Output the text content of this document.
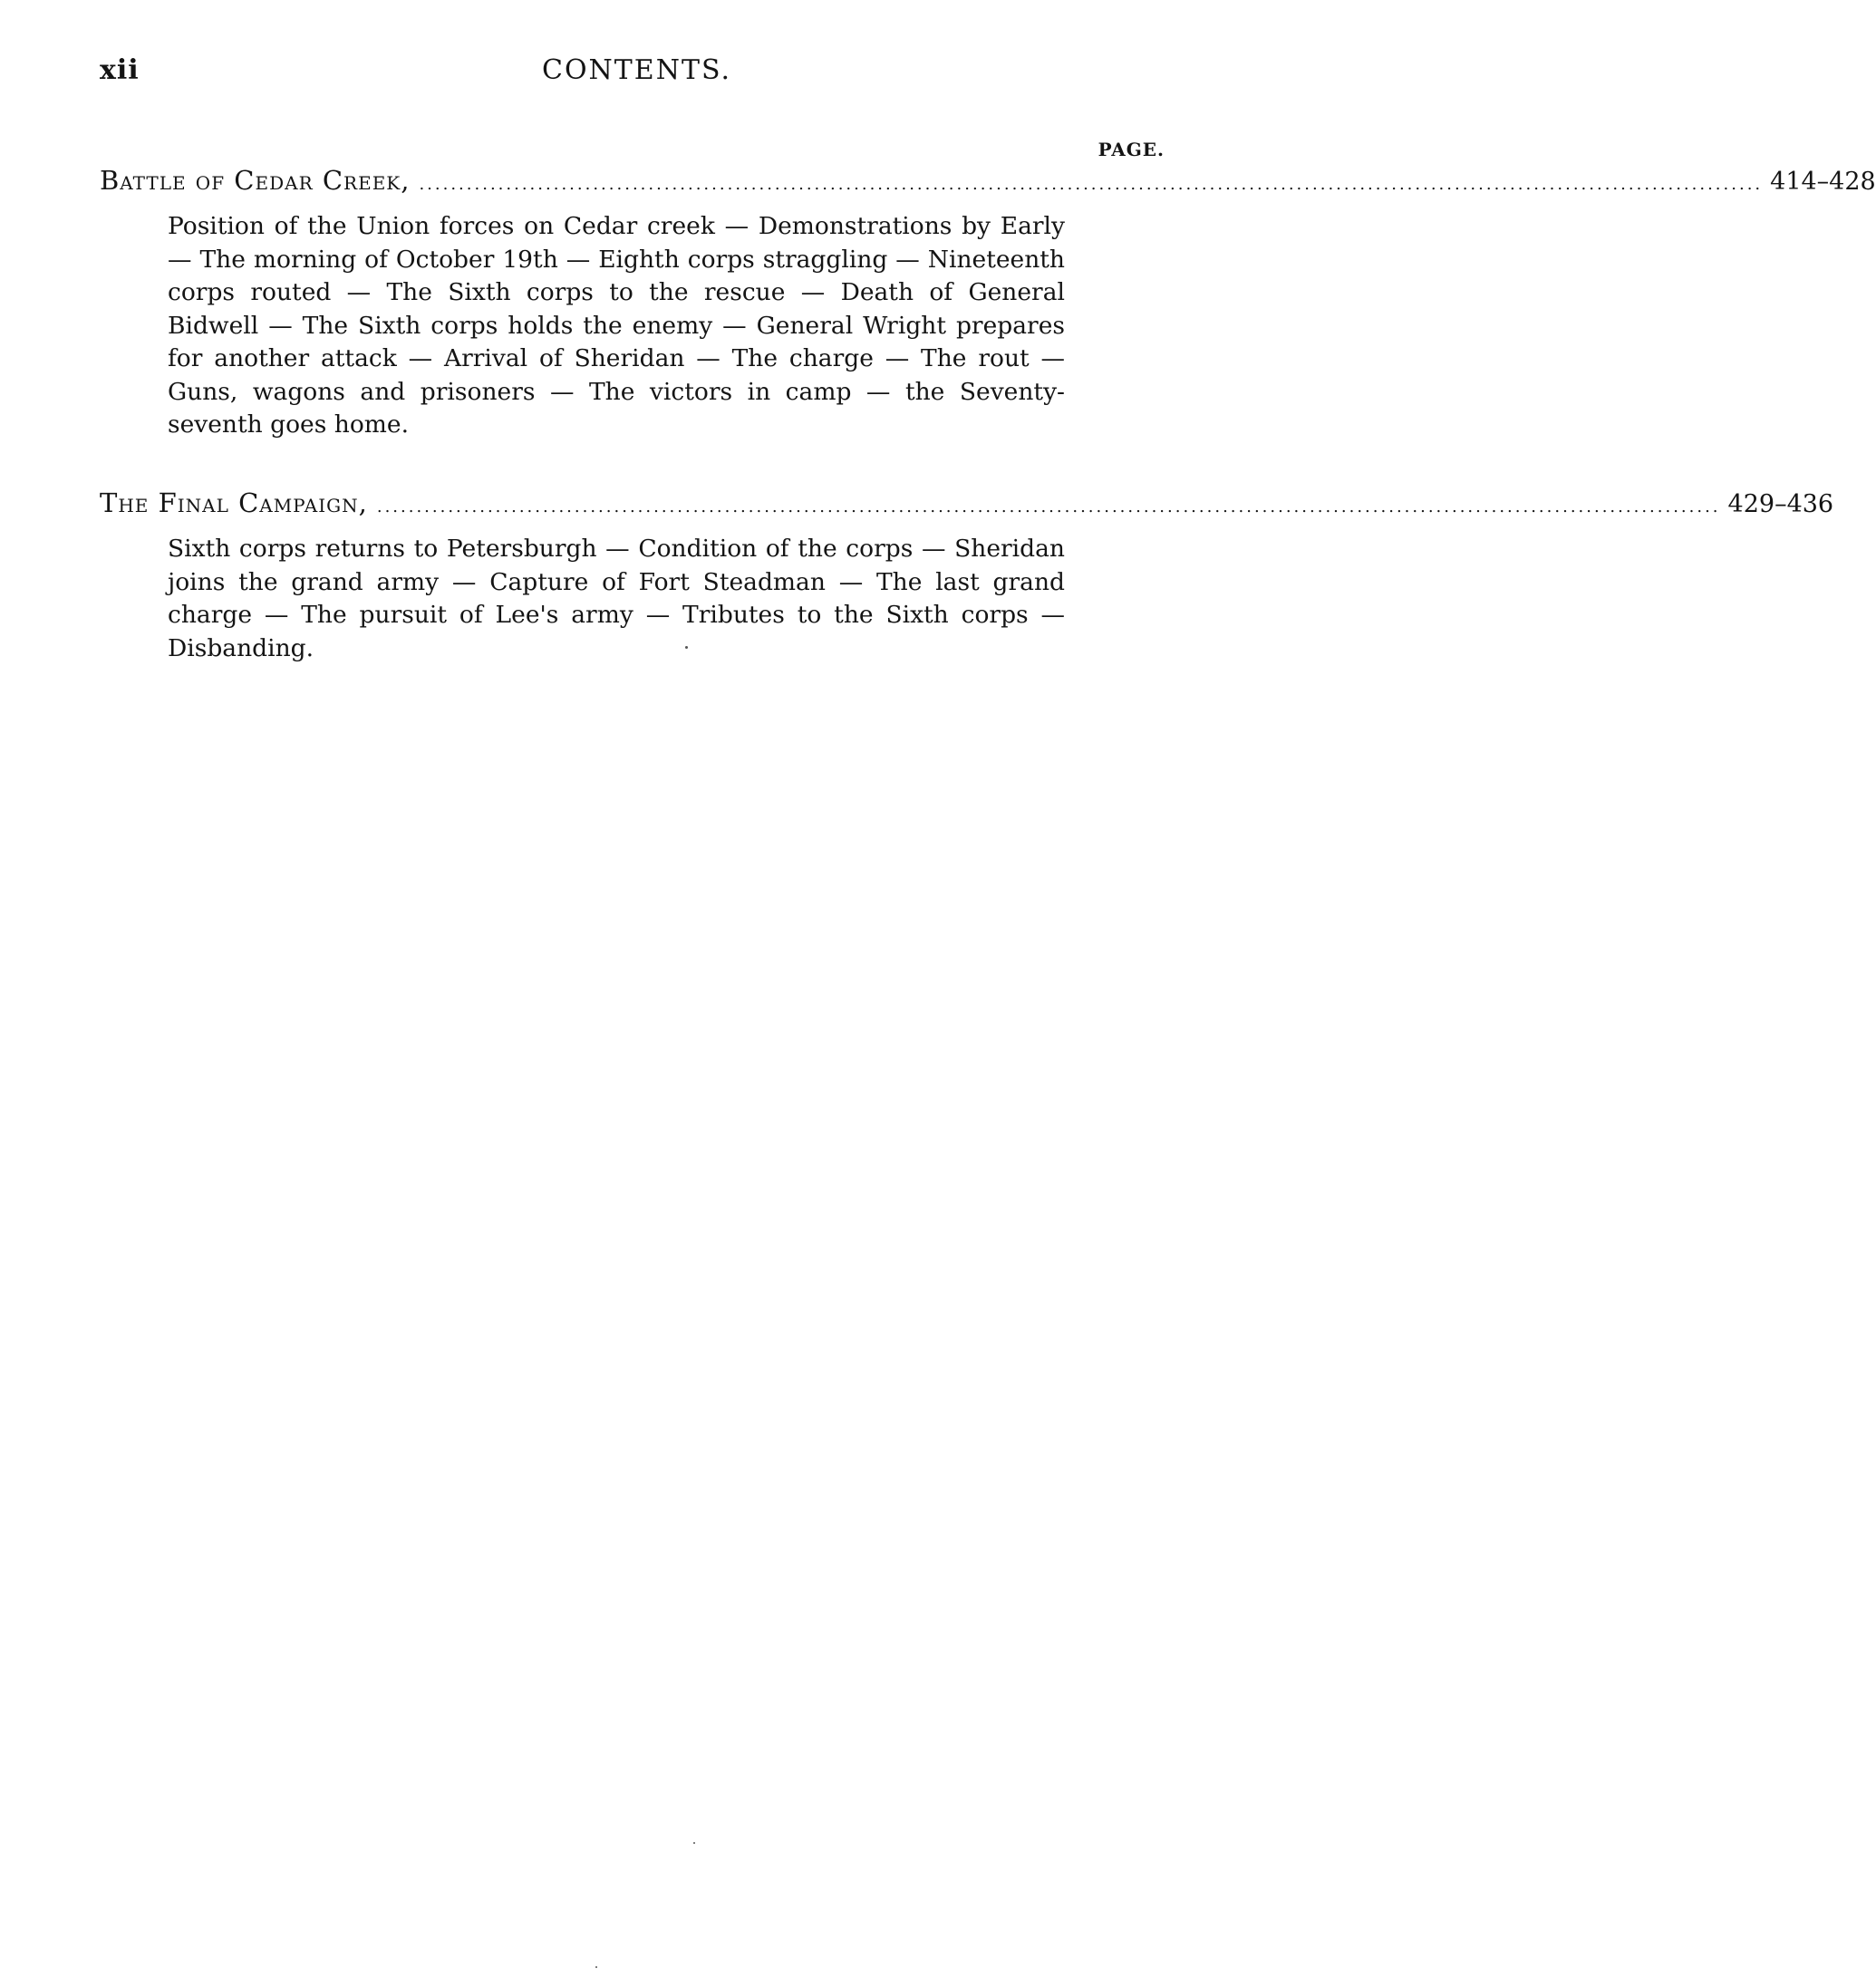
xii	CONTENTS.
PAGE.
Battle of Cedar Creek, .......................................................................................................................................................................... 414–428

Position of the Union forces on Cedar creek — Demonstrations by Early — The morning of October 19th — Eighth corps straggling — Nineteenth corps routed — The Sixth corps to the rescue — Death of General Bidwell — The Sixth corps holds the enemy — General Wright prepares for another attack — Arrival of Sheridan — The charge — The rout — Guns, wagons and prisoners — The victors in camp — the Seventy-seventh goes home.

The Final Campaign, .......................................................................................................................................................................... 429–436

Sixth corps returns to Petersburgh — Condition of the corps — Sheridan joins the grand army — Capture of Fort Steadman — The last grand charge — The pursuit of Lee's army — Tributes to the Sixth corps — Disbanding.
